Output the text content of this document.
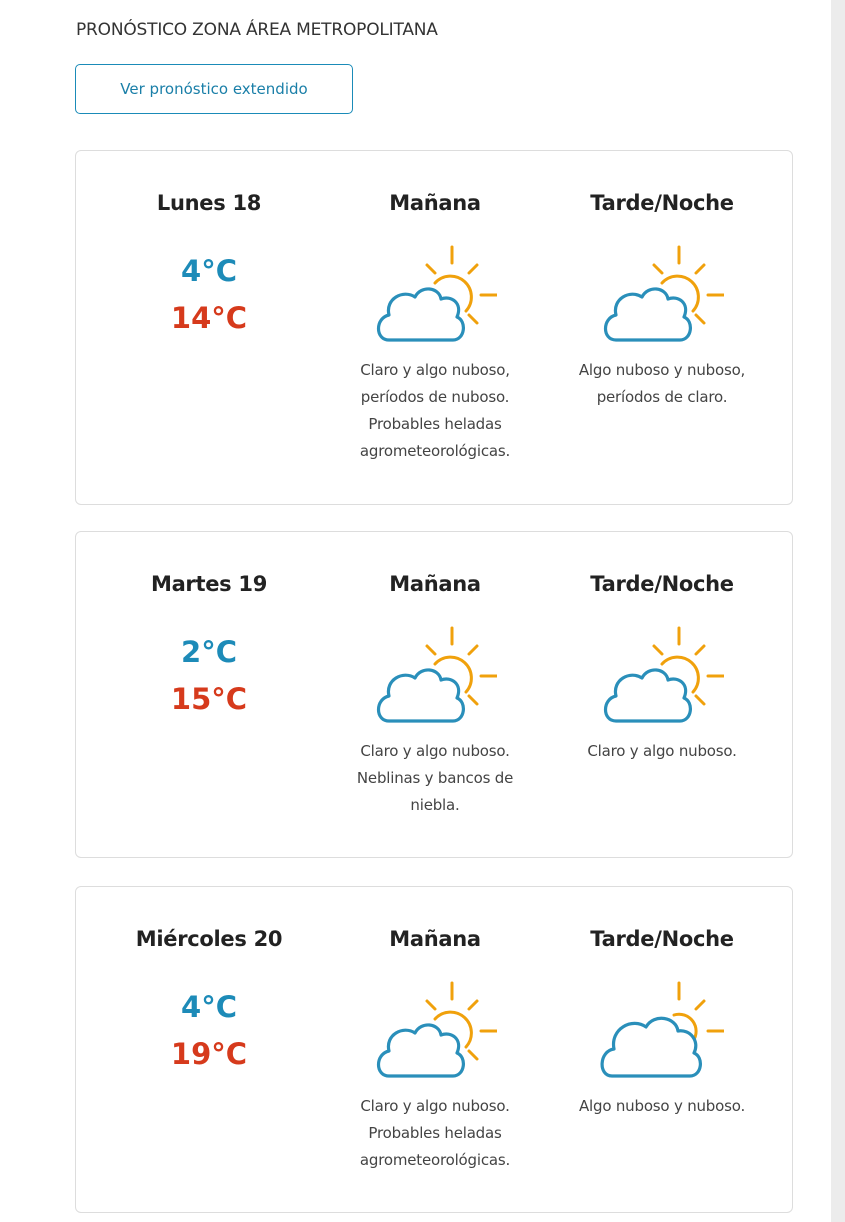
PRONÓSTICO ZONA ÁREA METROPOLITANA
Ver pronóstico extendido
Lunes 18
4°C
14°C
Mañana
Claro y algo nuboso,
períodos de nuboso.
Probables heladas
agrometeorológicas.
Tarde/Noche
Algo nuboso y nuboso,
períodos de claro.
Martes 19
2°C
15°C
Mañana
Claro y algo nuboso.
Neblinas y bancos de
niebla.
Tarde/Noche
Claro y algo nuboso.
Miércoles 20
4°C
19°C
Mañana
Claro y algo nuboso.
Probables heladas
agrometeorológicas.
Tarde/Noche
Algo nuboso y nuboso.
